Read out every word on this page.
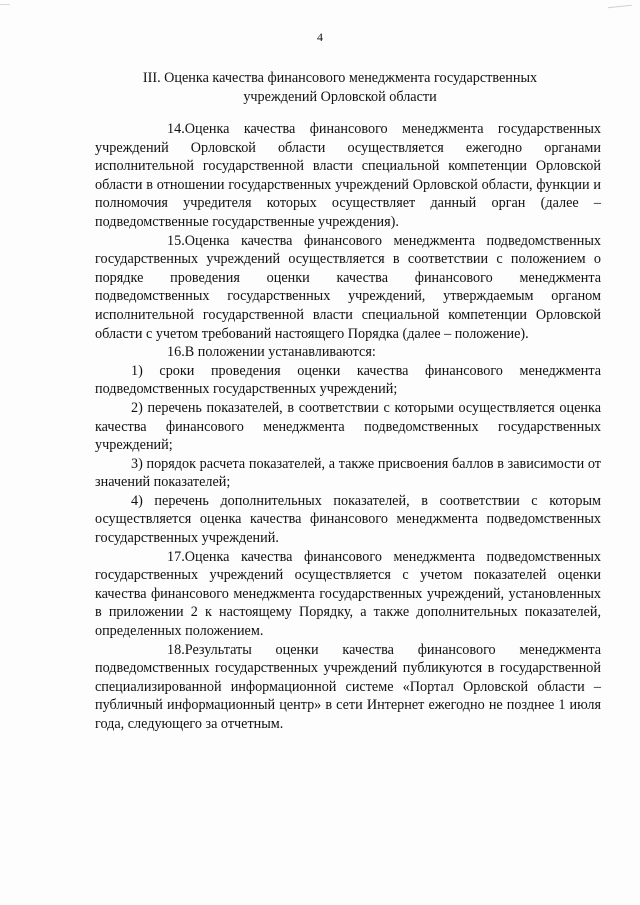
4
III. Оценка качества финансового менеджмента государственных
учреждений Орловской области

14.Оценка качества финансового менеджмента государственных учреждений Орловской области осуществляется ежегодно органами исполнительной государственной власти специальной компетенции Орловской области в отношении государственных учреждений Орловской области, функции и полномочия учредителя которых осуществляет данный орган (далее – подведомственные государственные учреждения).

15.Оценка качества финансового менеджмента подведомственных государственных учреждений осуществляется в соответствии с положением о порядке проведения оценки качества финансового менеджмента подведомственных государственных учреждений, утверждаемым органом исполнительной государственной власти специальной компетенции Орловской области с учетом требований настоящего Порядка (далее – положение).

16.В положении устанавливаются:

1) сроки проведения оценки качества финансового менеджмента подведомственных государственных учреждений;

2) перечень показателей, в соответствии с которыми осуществляется оценка качества финансового менеджмента подведомственных государственных учреждений;

3) порядок расчета показателей, а также присвоения баллов в зависимости от значений показателей;

4) перечень дополнительных показателей, в соответствии с которым осуществляется оценка качества финансового менеджмента подведомственных государственных учреждений.

17.Оценка качества финансового менеджмента подведомственных государственных учреждений осуществляется с учетом показателей оценки качества финансового менеджмента государственных учреждений, установленных в приложении 2 к настоящему Порядку, а также дополнительных показателей, определенных положением.

18.Результаты оценки качества финансового менеджмента подведомственных государственных учреждений публикуются в государственной специализированной информационной системе «Портал Орловской области – публичный информационный центр» в сети Интернет ежегодно не позднее 1 июля года, следующего за отчетным.
